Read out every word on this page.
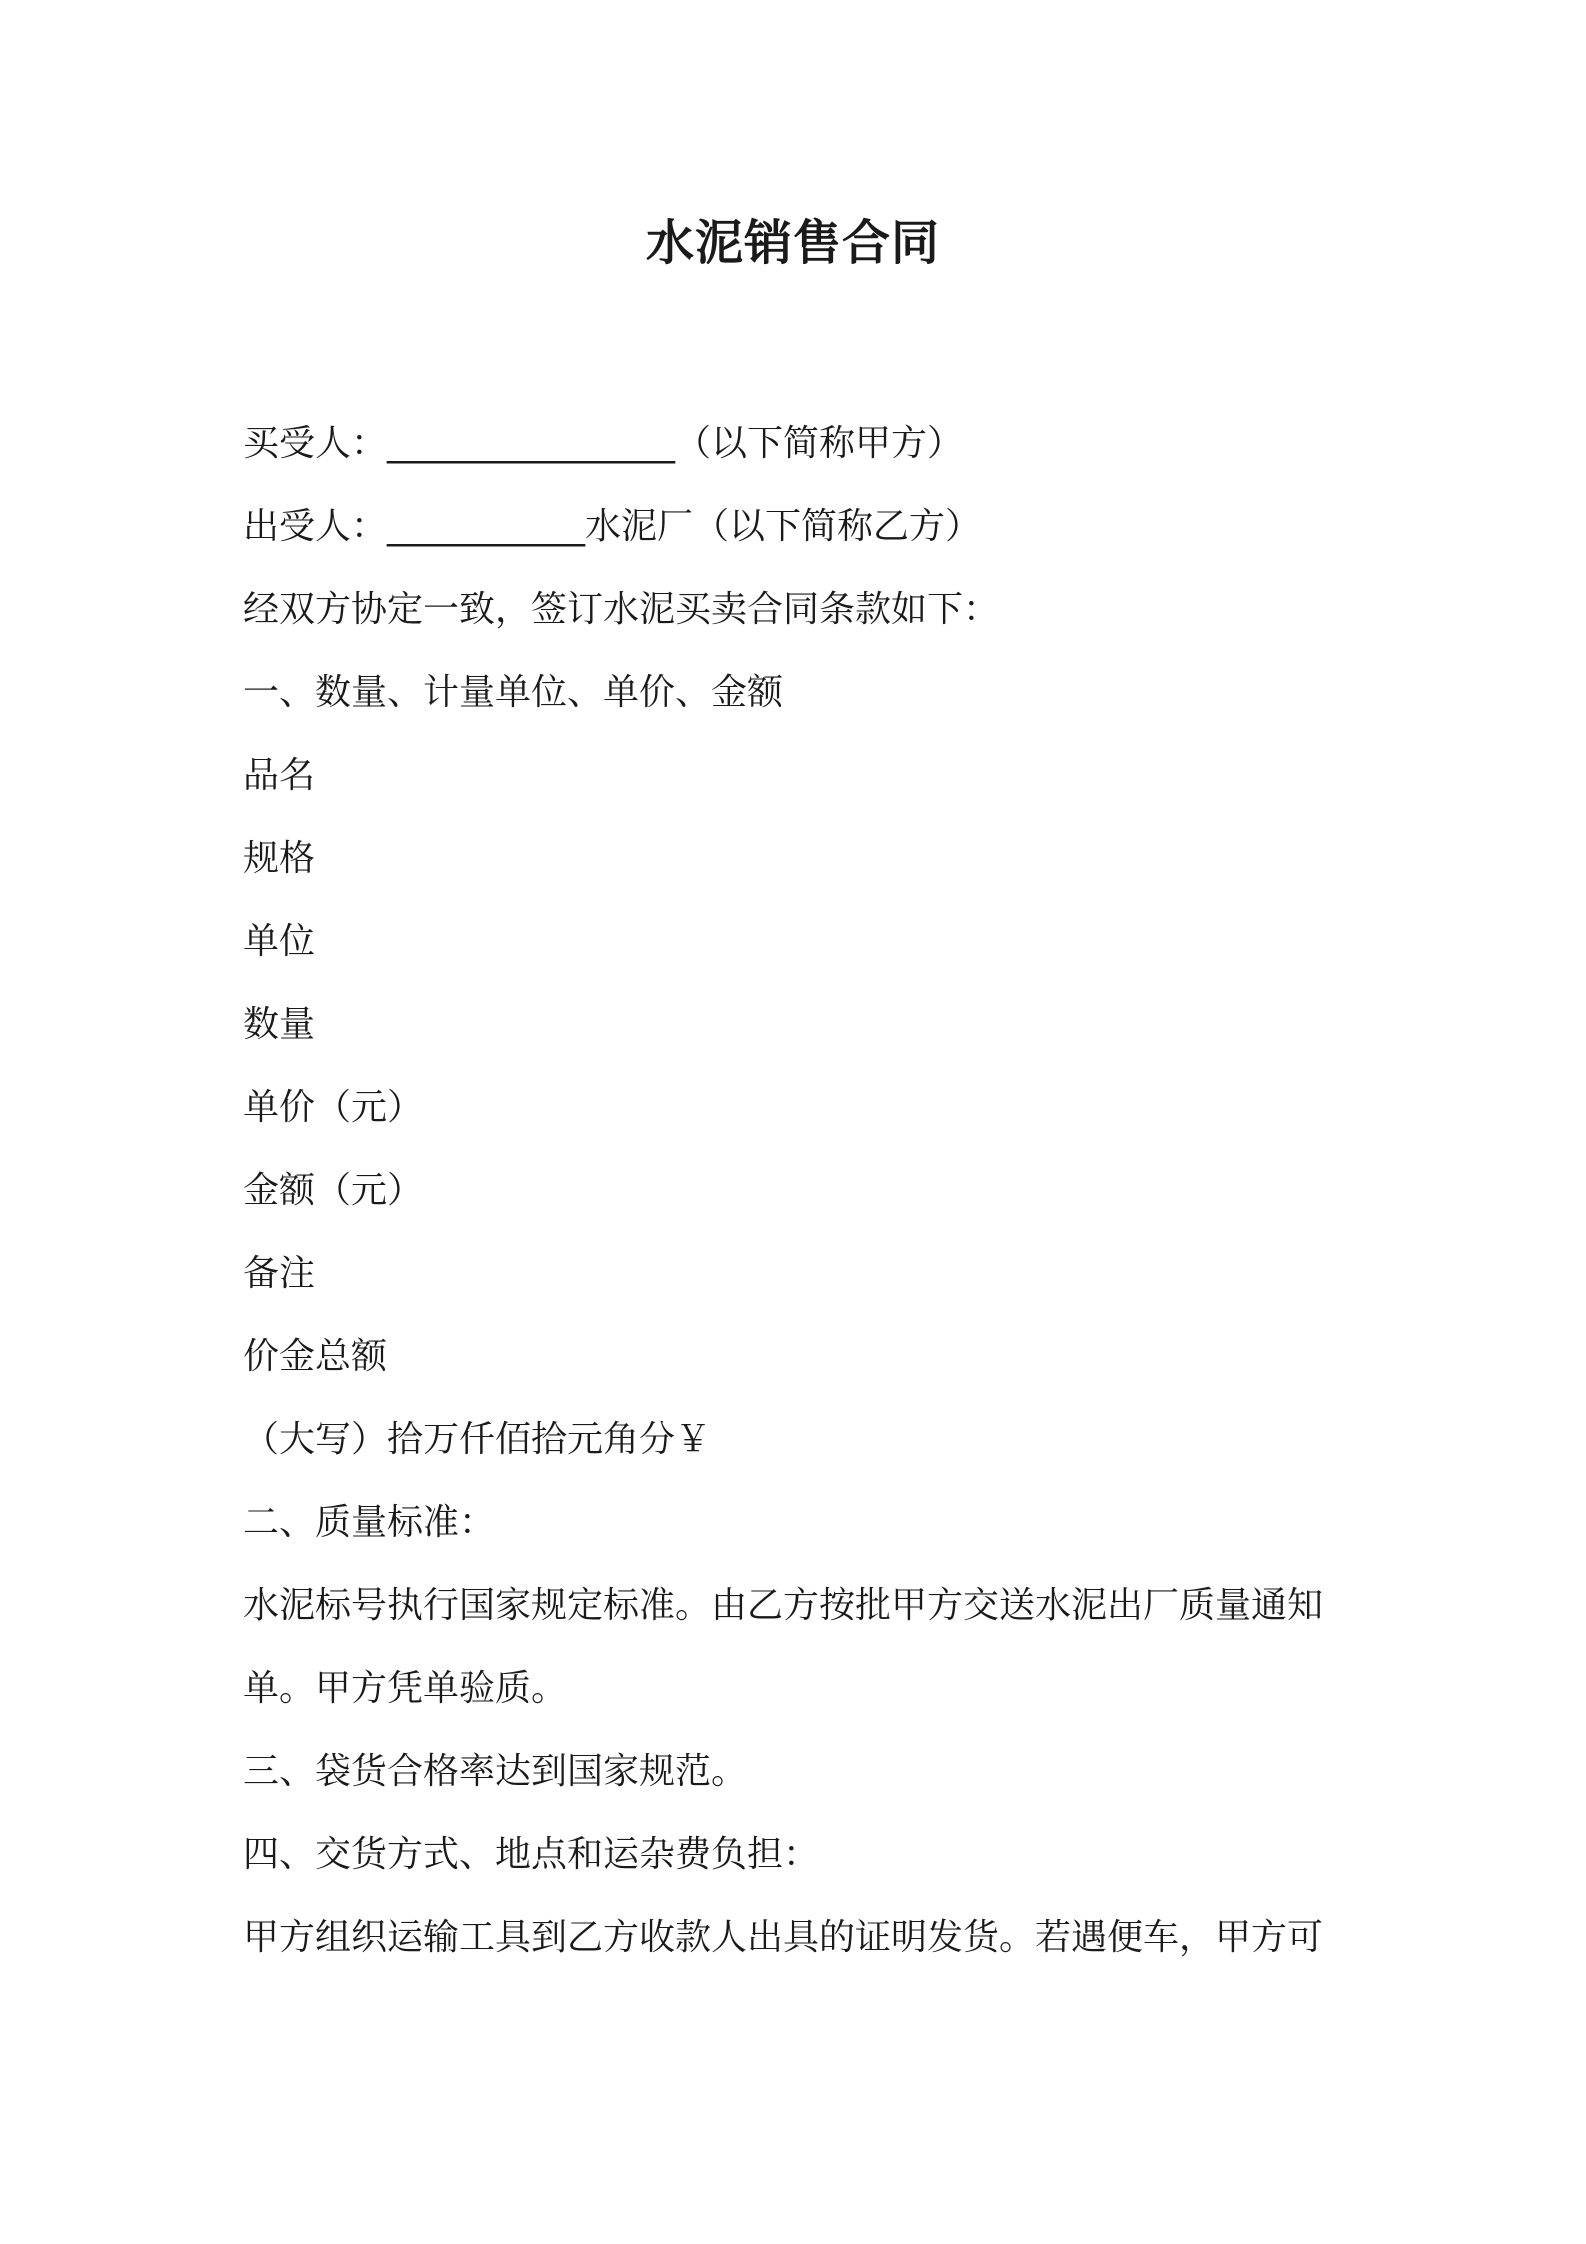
水泥销售合同
买受人：________________（以下简称甲方）
出受人：___________水泥厂（以下简称乙方）
经双方协定一致，签订水泥买卖合同条款如下：
一、数量、计量单位、单价、金额
品名
规格
单位
数量
单价（元）
金额（元）
备注
价金总额
（大写）拾万仟佰拾元角分￥
二、质量标准：
水泥标号执行国家规定标准。由乙方按批甲方交送水泥出厂质量通知
单。甲方凭单验质。
三、袋货合格率达到国家规范。
四、交货方式、地点和运杂费负担：
甲方组织运输工具到乙方收款人出具的证明发货。若遇便车，甲方可
